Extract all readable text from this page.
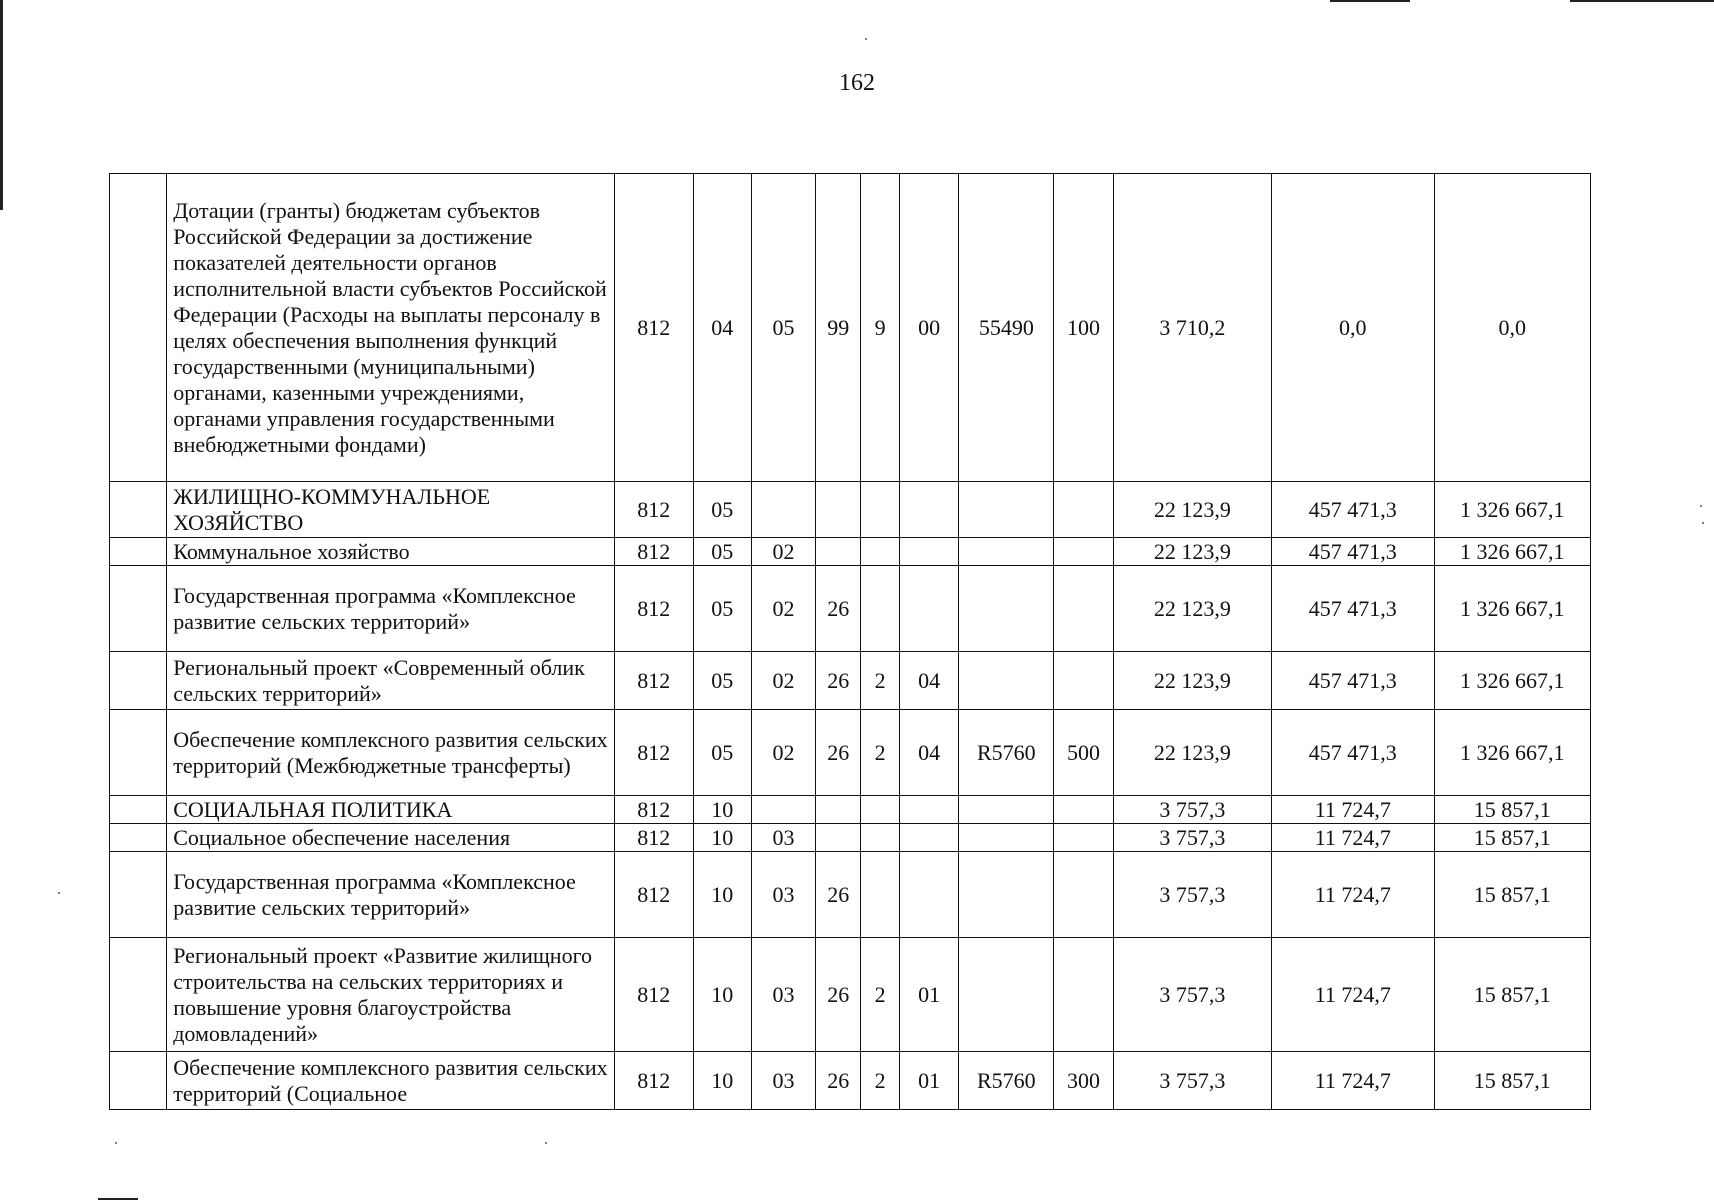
162
	Дотации (гранты) бюджетам субъектов Российской Федерации за достижение показателей деятельности органов исполнительной власти субъектов Российской Федерации (Расходы на выплаты персоналу в целях обеспечения выполнения функций государственными (муниципальными) органами, казенными учреждениями, органами управления государственными внебюджетными фондами)	812	04	05	99	9	00	55490	100	3 710,2	0,0	0,0
	ЖИЛИЩНО-КОММУНАЛЬНОЕ ХОЗЯЙСТВО	812	05							22 123,9	457 471,3	1 326 667,1
	Коммунальное хозяйство	812	05	02						22 123,9	457 471,3	1 326 667,1
	Государственная программа «Комплексное развитие сельских территорий»	812	05	02	26					22 123,9	457 471,3	1 326 667,1
	Региональный проект «Современный облик сельских территорий»	812	05	02	26	2	04			22 123,9	457 471,3	1 326 667,1
	Обеспечение комплексного развития сельских территорий (Межбюджетные трансферты)	812	05	02	26	2	04	R5760	500	22 123,9	457 471,3	1 326 667,1
	СОЦИАЛЬНАЯ ПОЛИТИКА	812	10							3 757,3	11 724,7	15 857,1
	Социальное обеспечение населения	812	10	03						3 757,3	11 724,7	15 857,1
	Государственная программа «Комплексное развитие сельских территорий»	812	10	03	26					3 757,3	11 724,7	15 857,1
	Региональный проект «Развитие жилищного строительства на сельских территориях и повышение уровня благоустройства домовладений»	812	10	03	26	2	01			3 757,3	11 724,7	15 857,1
	Обеспечение комплексного развития сельских территорий (Социальное	812	10	03	26	2	01	R5760	300	3 757,3	11 724,7	15 857,1
